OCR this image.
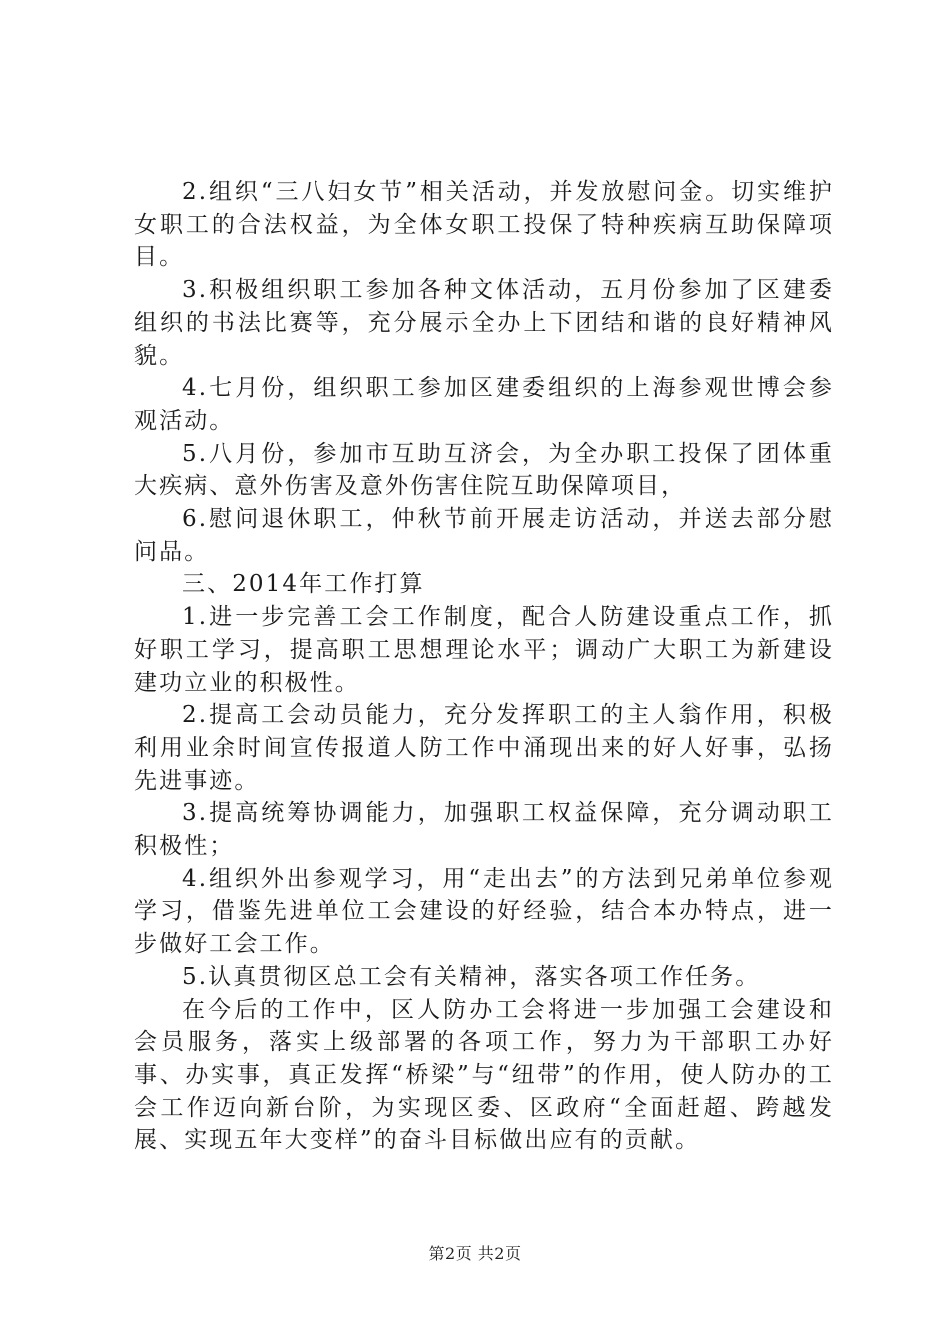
2.组织“三八妇女节”相关活动，并发放慰问金。切实维护女职工的合法权益，为全体女职工投保了特种疾病互助保障项目。

3.积极组织职工参加各种文体活动，五月份参加了区建委组织的书法比赛等，充分展示全办上下团结和谐的良好精神风貌。

4.七月份，组织职工参加区建委组织的上海参观世博会参观活动。

5.八月份，参加市互助互济会，为全办职工投保了团体重大疾病、意外伤害及意外伤害住院互助保障项目，

6.慰问退休职工，仲秋节前开展走访活动，并送去部分慰问品。

三、2014年工作打算

1.进一步完善工会工作制度，配合人防建设重点工作，抓好职工学习，提高职工思想理论水平；调动广大职工为新建设建功立业的积极性。

2.提高工会动员能力，充分发挥职工的主人翁作用，积极利用业余时间宣传报道人防工作中涌现出来的好人好事，弘扬先进事迹。

3.提高统筹协调能力，加强职工权益保障，充分调动职工积极性；

4.组织外出参观学习，用“走出去”的方法到兄弟单位参观学习，借鉴先进单位工会建设的好经验，结合本办特点，进一步做好工会工作。

5.认真贯彻区总工会有关精神，落实各项工作任务。

在今后的工作中，区人防办工会将进一步加强工会建设和会员服务，落实上级部署的各项工作，努力为干部职工办好事、办实事，真正发挥“桥梁”与“纽带”的作用，使人防办的工会工作迈向新台阶，为实现区委、区政府“全面赶超、跨越发展、实现五年大变样”的奋斗目标做出应有的贡献。

第2页 共2页
